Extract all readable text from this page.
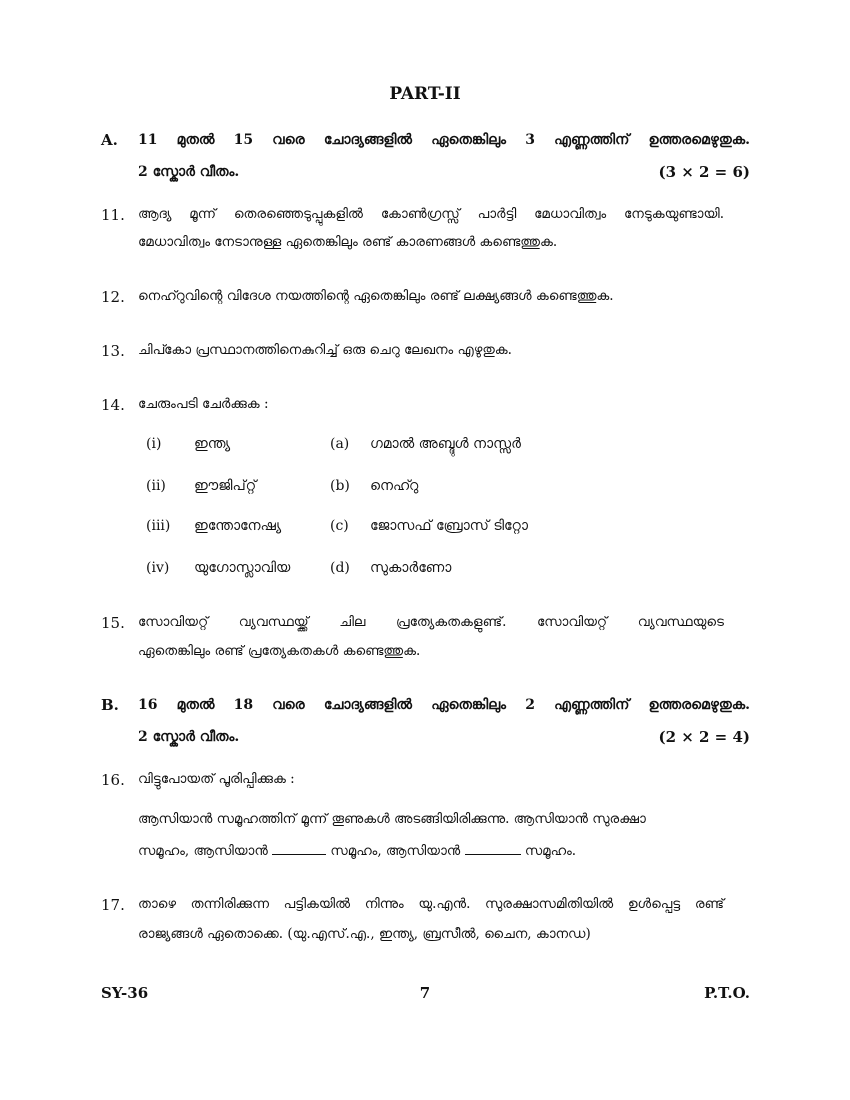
PART-II
A. 11 മുതൽ 15 വരെ ചോദ്യങ്ങളിൽ ഏതെങ്കിലും 3 എണ്ണത്തിന് ഉത്തരമെഴുതുക.
2 സ്കോർ വീതം.	(3 × 2 = 6)
11. ആദ്യ മൂന്ന് തെരഞ്ഞെടുപ്പുകളിൽ കോൺഗ്രസ്സ് പാർട്ടി മേധാവിത്വം നേടുകയുണ്ടായി.
മേധാവിത്വം നേടാനുള്ള ഏതെങ്കിലും രണ്ട് കാരണങ്ങൾ കണ്ടെത്തുക.
12. നെഹ്റുവിന്റെ വിദേശ നയത്തിന്റെ ഏതെങ്കിലും രണ്ട് ലക്ഷ്യങ്ങൾ കണ്ടെത്തുക.
13. ചിപ്കോ പ്രസ്ഥാനത്തിനെകുറിച്ച് ഒരു ചെറു ലേഖനം എഴുതുക.
14. ചേരുംപടി ചേർക്കുക :
(i) ഇന്ത്യ	(a) ഗമാൽ അബ്ദുൾ നാസ്സർ
(ii) ഈജിപ്റ്റ്	(b) നെഹ്റു
(iii) ഇന്തോനേഷ്യ	(c) ജോസഫ് ബ്രോസ് ടിറ്റോ
(iv) യുഗോസ്ലാവിയ	(d) സുകാർണോ
15. സോവിയറ്റ് വ്യവസ്ഥയ്ക്ക് ചില പ്രത്യേകതകളുണ്ട്. സോവിയറ്റ് വ്യവസ്ഥയുടെ
ഏതെങ്കിലും രണ്ട് പ്രത്യേകതകൾ കണ്ടെത്തുക.
B. 16 മുതൽ 18 വരെ ചോദ്യങ്ങളിൽ ഏതെങ്കിലും 2 എണ്ണത്തിന് ഉത്തരമെഴുതുക.
2 സ്കോർ വീതം.	(2 × 2 = 4)
16. വിട്ടുപോയത് പൂരിപ്പിക്കുക :
ആസിയാൻ സമൂഹത്തിന് മൂന്ന് തൂണുകൾ അടങ്ങിയിരിക്കുന്നു. ആസിയാൻ സുരക്ഷാ
സമൂഹം, ആസിയാൻ	സമൂഹം, ആസിയാൻ	സമൂഹം.
17. താഴെ തന്നിരിക്കുന്ന പട്ടികയിൽ നിന്നും യു.എൻ. സുരക്ഷാസമിതിയിൽ ഉൾപ്പെട്ട രണ്ട്
രാജ്യങ്ങൾ ഏതൊക്കെ. (യു.എസ്.എ., ഇന്ത്യ, ബ്രസീൽ, ചൈന, കാനഡ)
SY-36	7	P.T.O.
